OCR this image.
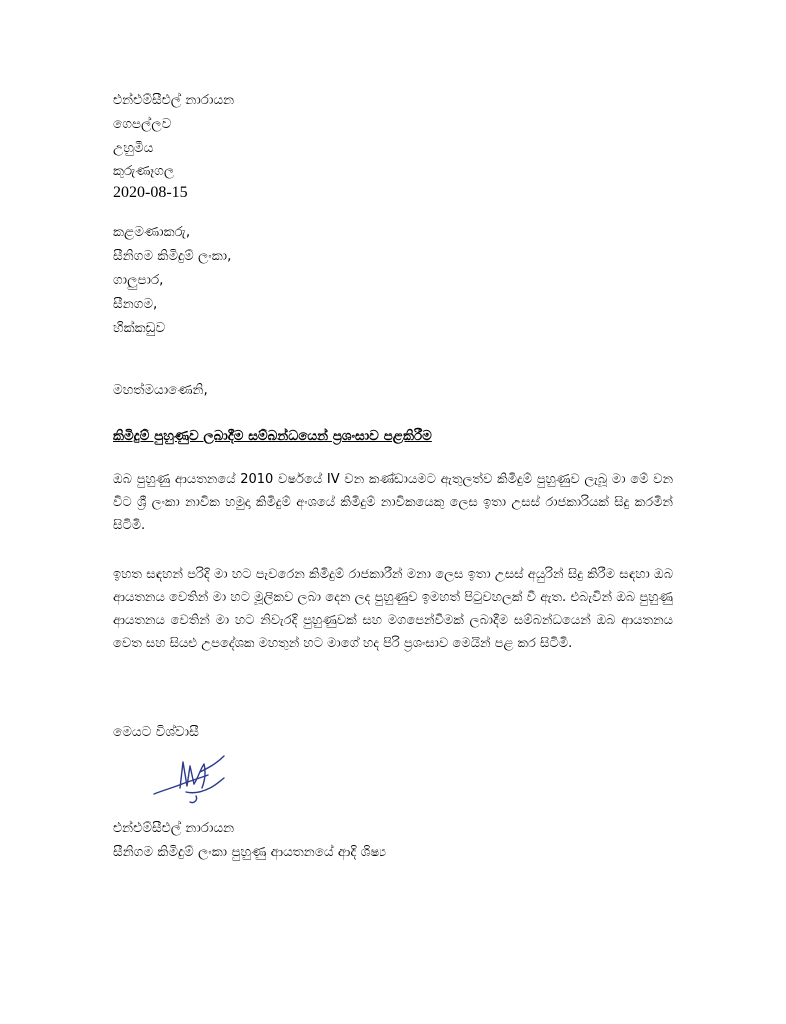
එන්එම්සීඑල් නාරායන
ගෙපල්ලව
උහුමීය
කුරුණෑගල
2020-08-15
කළමණාකරු,
සීනිගම කිමිදුම් ලංකා,
ගාලුපාර,
සීනගම,
හික්කඩුව
මහත්මයාණෙනි,
කිමිදුම් පුහුණුව ලබාදීම සම්බන්ධයෙන් ප්‍රශංසාව පළකිරීම

ඔබ පුහුණු ආයතනයේ 2010 වර්ෂයේ IV වන කණ්ඩායමට ඇතුලත්ව කිමිදුම් පුහුණුව ලැබූ මා මේ වන විට ශ්‍රී ලංකා නාවික හමුදා කිමිදුම් අංශයේ කිමිදුම් නාවිකයෙකු ලෙස ඉතා උසස් රාජකාරියක් සිදු කරමින් සිටිමි.

ඉහත සඳහන් පරිදි මා හට පැවරෙන කිමිදුම් රාජකාරීන් මනා ලෙස ඉතා උසස් අයුරින් සිදු කිරීම සඳහා ඔබ ආයතනය වෙතින් මා හට මූලිකව ලබා දෙන ලද පුහුණුව ඉමහත් පිටුවහලක් වී ඇත. එබැවින් ඔබ පුහුණු ආයතනය වෙතින් මා හට නිවැරදි පුහුණුවක් සහ මගපෙන්වීමක් ලබාදීම සම්බන්ධයෙන් ඔබ ආයතනය වෙත සහ සියළු උපදේශක මහතුන් හට මාගේ හද පිරි ප්‍රශංසාව මෙයින් පළ කර සිටිමි.

මෙයට විශ්වාසී
එන්එම්සීඑල් නාරායන
සීනිගම කිමිදුම් ලංකා පුහුණු ආයතනයේ ආදි ශිෂ්‍ය
